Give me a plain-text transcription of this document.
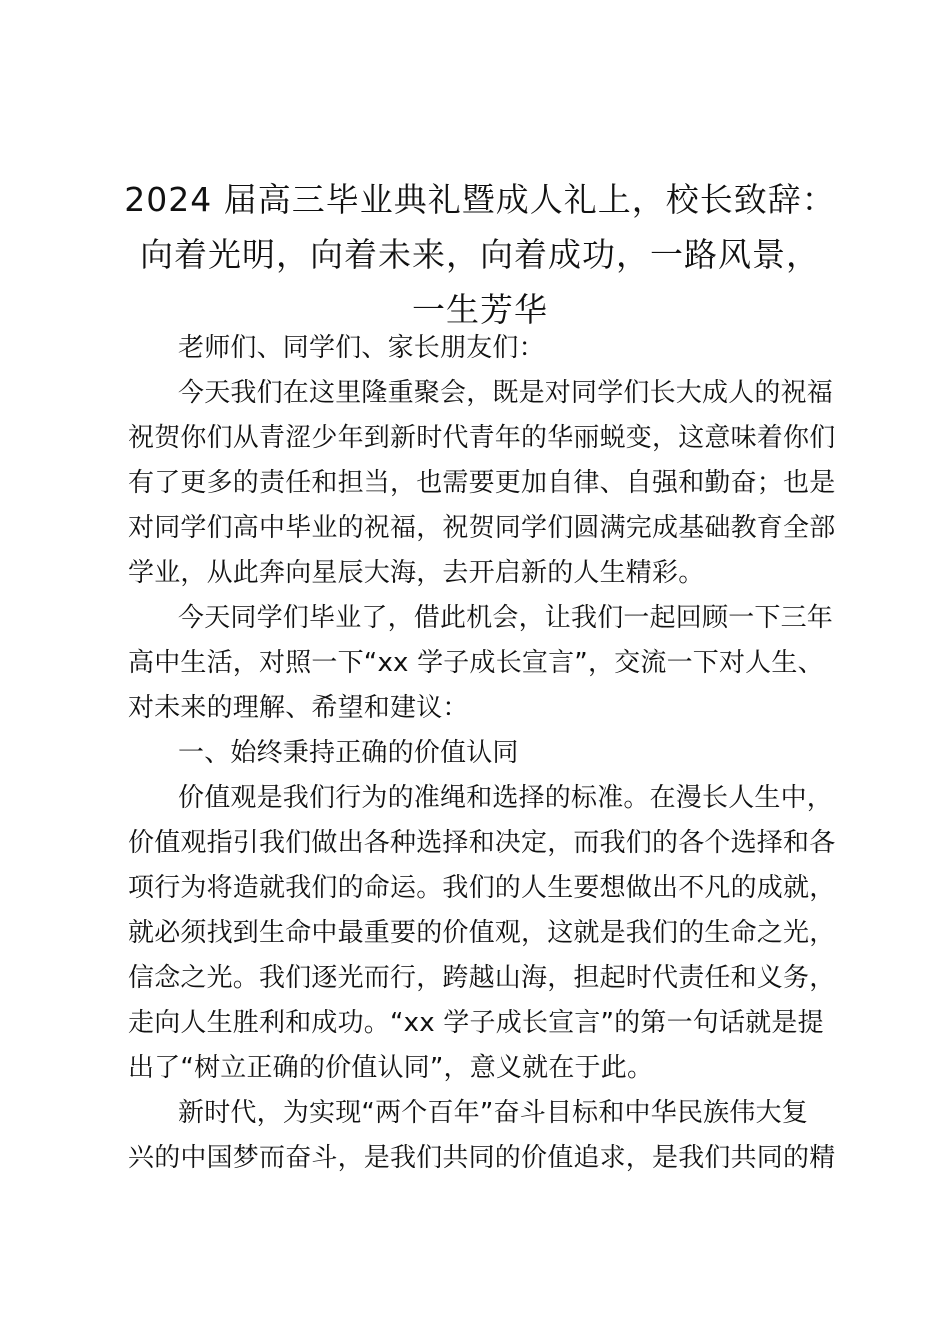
2024 届高三毕业典礼暨成人礼上，校长致辞：
向着光明，向着未来，向着成功，一路风景，
一生芳华
老师们、同学们、家长朋友们：
今天我们在这里隆重聚会，既是对同学们长大成人的祝福
祝贺你们从青涩少年到新时代青年的华丽蜕变，这意味着你们
有了更多的责任和担当，也需要更加自律、自强和勤奋；也是
对同学们高中毕业的祝福，祝贺同学们圆满完成基础教育全部
学业，从此奔向星辰大海，去开启新的人生精彩。
今天同学们毕业了，借此机会，让我们一起回顾一下三年
高中生活，对照一下“xx 学子成长宣言”，交流一下对人生、
对未来的理解、希望和建议：
一、始终秉持正确的价值认同
价值观是我们行为的准绳和选择的标准。在漫长人生中，
价值观指引我们做出各种选择和决定，而我们的各个选择和各
项行为将造就我们的命运。我们的人生要想做出不凡的成就，
就必须找到生命中最重要的价值观，这就是我们的生命之光，
信念之光。我们逐光而行，跨越山海，担起时代责任和义务，
走向人生胜利和成功。“xx 学子成长宣言”的第一句话就是提
出了“树立正确的价值认同”，意义就在于此。
新时代，为实现“两个百年”奋斗目标和中华民族伟大复
兴的中国梦而奋斗，是我们共同的价值追求，是我们共同的精
